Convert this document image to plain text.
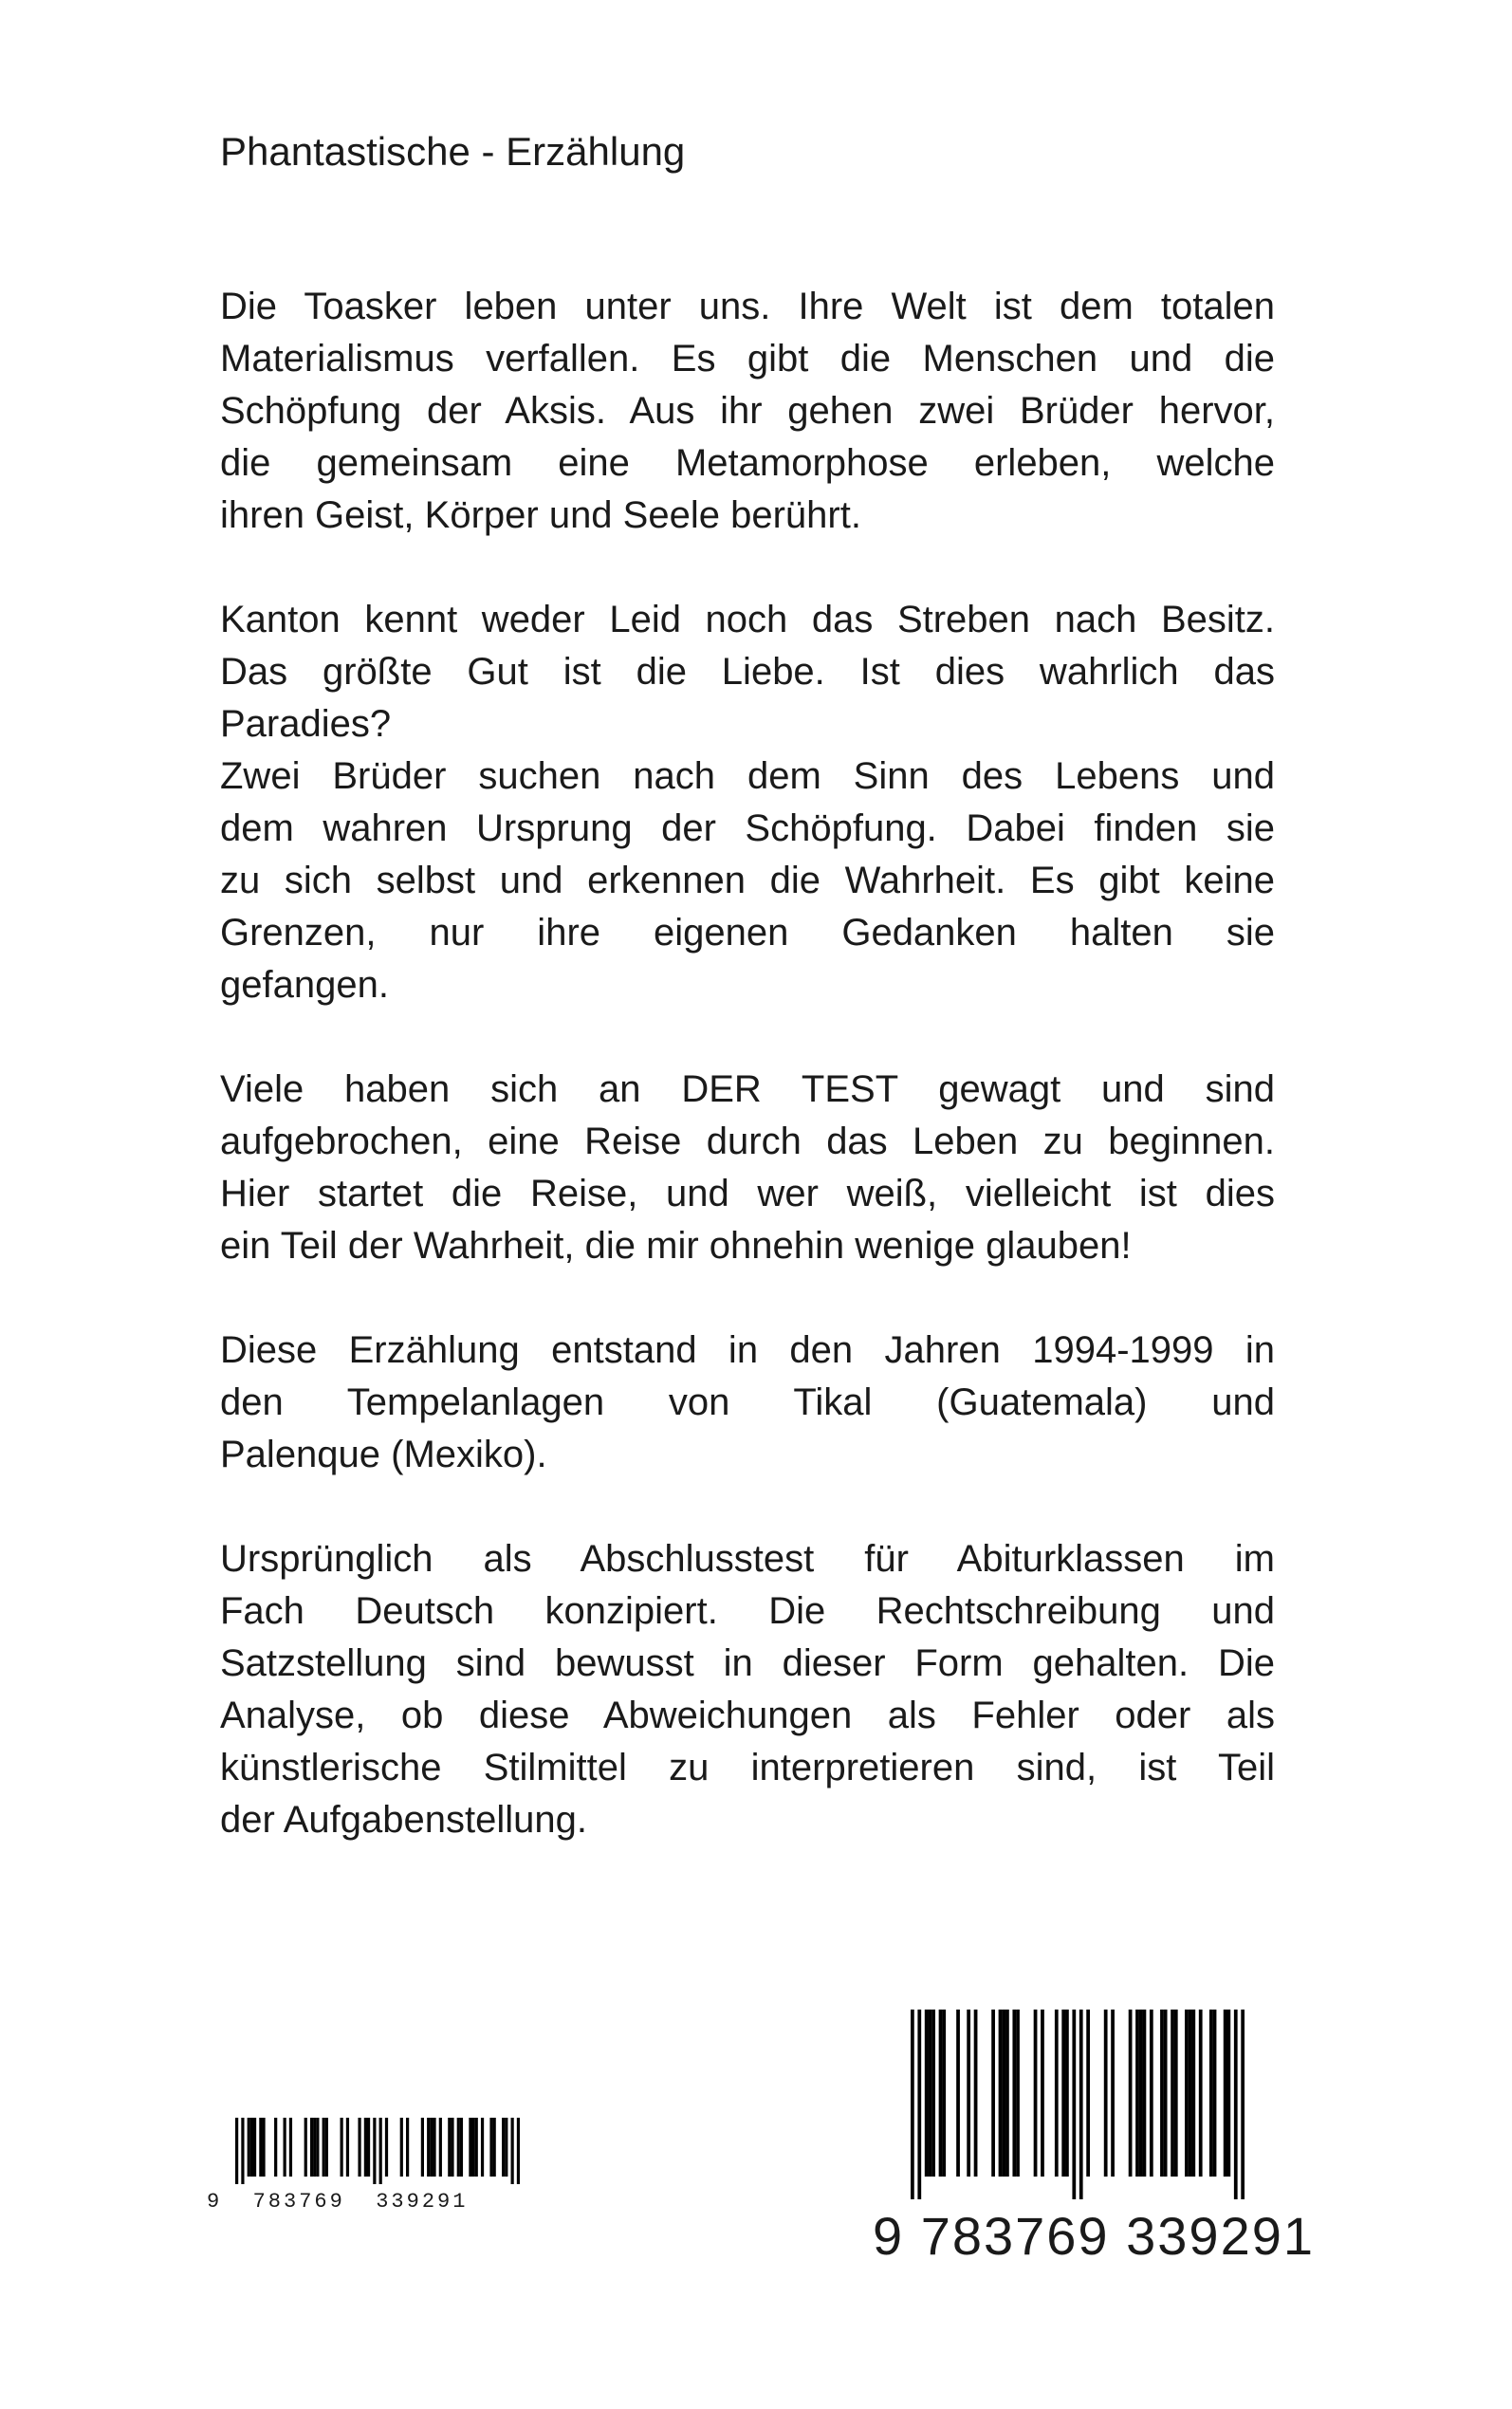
Phantastische - Erzählung

Die Toasker leben unter uns. Ihre Welt ist dem totalen
Materialismus verfallen. Es gibt die Menschen und die
Schöpfung der Aksis. Aus ihr gehen zwei Brüder hervor,
die gemeinsam eine Metamorphose erleben, welche
ihren Geist, Körper und Seele berührt.

Kanton kennt weder Leid noch das Streben nach Besitz.
Das größte Gut ist die Liebe. Ist dies wahrlich das
Paradies?

Zwei Brüder suchen nach dem Sinn des Lebens und
dem wahren Ursprung der Schöpfung. Dabei finden sie
zu sich selbst und erkennen die Wahrheit. Es gibt keine
Grenzen, nur ihre eigenen Gedanken halten sie
gefangen.

Viele haben sich an DER TEST gewagt und sind
aufgebrochen, eine Reise durch das Leben zu beginnen.
Hier startet die Reise, und wer weiß, vielleicht ist dies
ein Teil der Wahrheit, die mir ohnehin wenige glauben!

Diese Erzählung entstand in den Jahren 1994-1999 in
den Tempelanlagen von Tikal (Guatemala) und
Palenque (Mexiko).

Ursprünglich als Abschlusstest für Abiturklassen im
Fach Deutsch konzipiert. Die Rechtschreibung und
Satzstellung sind bewusst in dieser Form gehalten. Die
Analyse, ob diese Abweichungen als Fehler oder als
künstlerische Stilmittel zu interpretieren sind, ist Teil
der Aufgabenstellung.

9  783769  339291
9 783769 339291
